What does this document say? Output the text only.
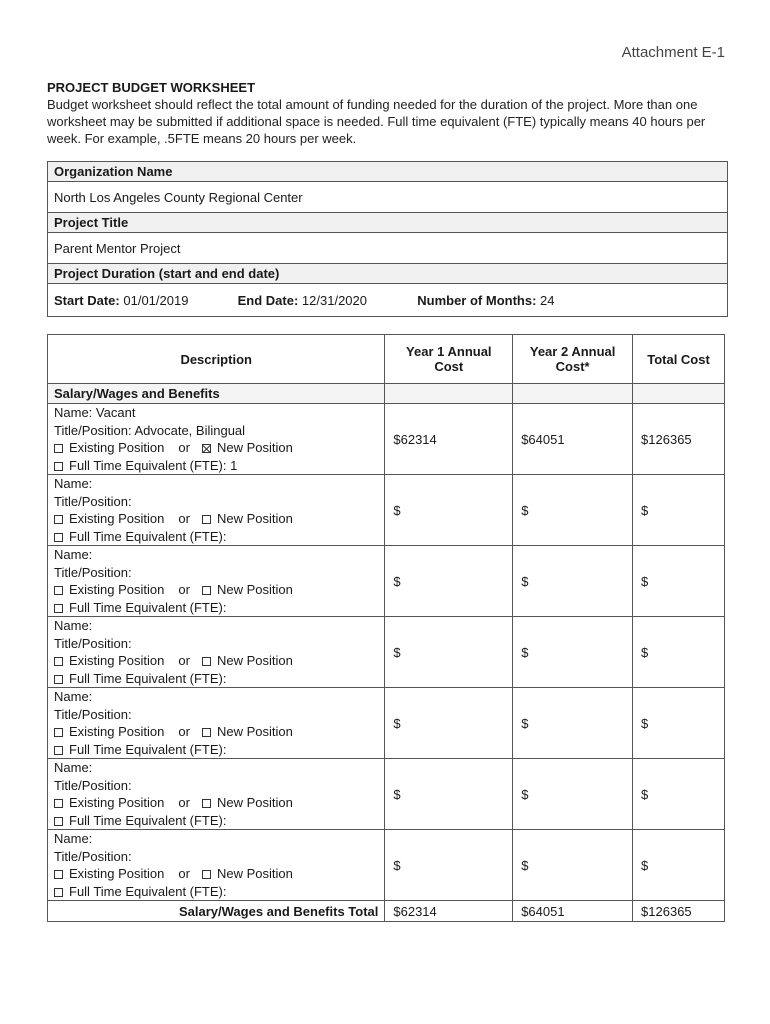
Attachment E-1
PROJECT BUDGET WORKSHEET
Budget worksheet should reflect the total amount of funding needed for the duration of the project. More than one worksheet may be submitted if additional space is needed. Full time equivalent (FTE) typically means 40 hours per week. For example, .5FTE means 20 hours per week.
Organization Name
North Los Angeles County Regional Center
Project Title
Parent Mentor Project
Project Duration (start and end date)
Start Date: 01/01/2019	End Date: 12/31/2020	Number of Months: 24
Description	Year 1 Annual Cost	Year 2 Annual Cost*	Total Cost
Salary/Wages and Benefits			

Name: Vacant
Title/Position: Advocate, Bilingual
Existing Position or New Position
Full Time Equivalent (FTE): 1	$62314	$64051	$126365

Name:
Title/Position:
Existing Position or New Position
Full Time Equivalent (FTE):	$	$	$

Name:
Title/Position:
Existing Position or New Position
Full Time Equivalent (FTE):	$	$	$

Name:
Title/Position:
Existing Position or New Position
Full Time Equivalent (FTE):	$	$	$

Name:
Title/Position:
Existing Position or New Position
Full Time Equivalent (FTE):	$	$	$

Name:
Title/Position:
Existing Position or New Position
Full Time Equivalent (FTE):	$	$	$

Name:
Title/Position:
Existing Position or New Position
Full Time Equivalent (FTE):	$	$	$
Salary/Wages and Benefits Total	$62314	$64051	$126365
